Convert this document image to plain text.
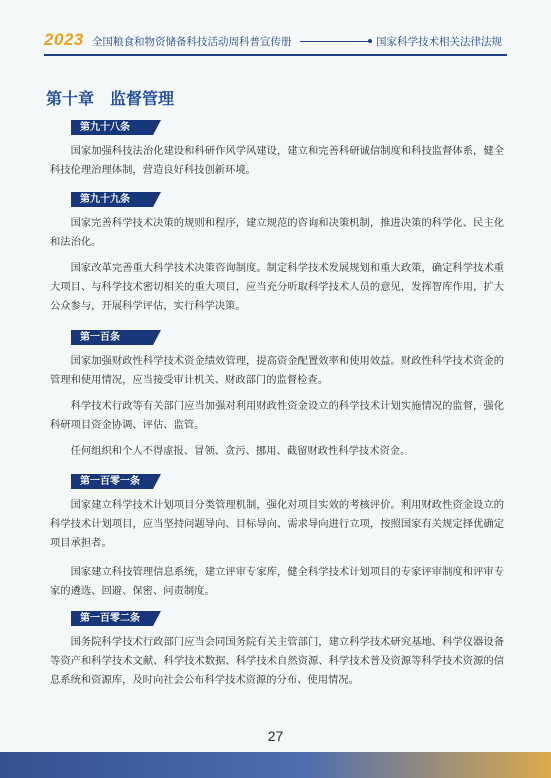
2023 全国粮食和物资储备科技活动周科普宣传册	国家科学技术相关法律法规
第十章　监督管理
第九十八条

国家加强科技法治化建设和科研作风学风建设，建立和完善科研诚信制度和科技监督体系，健全科技伦理治理体制，营造良好科技创新环境。

第九十九条

国家完善科学技术决策的规则和程序，建立规范的咨询和决策机制，推进决策的科学化、民主化和法治化。

国家改革完善重大科学技术决策咨询制度。制定科学技术发展规划和重大政策，确定科学技术重大项目、与科学技术密切相关的重大项目，应当充分听取科学技术人员的意见，发挥智库作用，扩大公众参与，开展科学评估，实行科学决策。

第一百条

国家加强财政性科学技术资金绩效管理，提高资金配置效率和使用效益。财政性科学技术资金的管理和使用情况，应当接受审计机关、财政部门的监督检查。

科学技术行政等有关部门应当加强对利用财政性资金设立的科学技术计划实施情况的监督，强化科研项目资金协调、评估、监管。

任何组织和个人不得虚报、冒领、贪污、挪用、截留财政性科学技术资金。

第一百零一条

国家建立科学技术计划项目分类管理机制，强化对项目实效的考核评价。利用财政性资金设立的科学技术计划项目，应当坚持问题导向、目标导向、需求导向进行立项，按照国家有关规定择优确定项目承担者。

国家建立科技管理信息系统，建立评审专家库，健全科学技术计划项目的专家评审制度和评审专家的遴选、回避、保密、问责制度。

第一百零二条

国务院科学技术行政部门应当会同国务院有关主管部门，建立科学技术研究基地、科学仪器设备等资产和科学技术文献、科学技术数据、科学技术自然资源、科学技术普及资源等科学技术资源的信息系统和资源库，及时向社会公布科学技术资源的分布、使用情况。

27
